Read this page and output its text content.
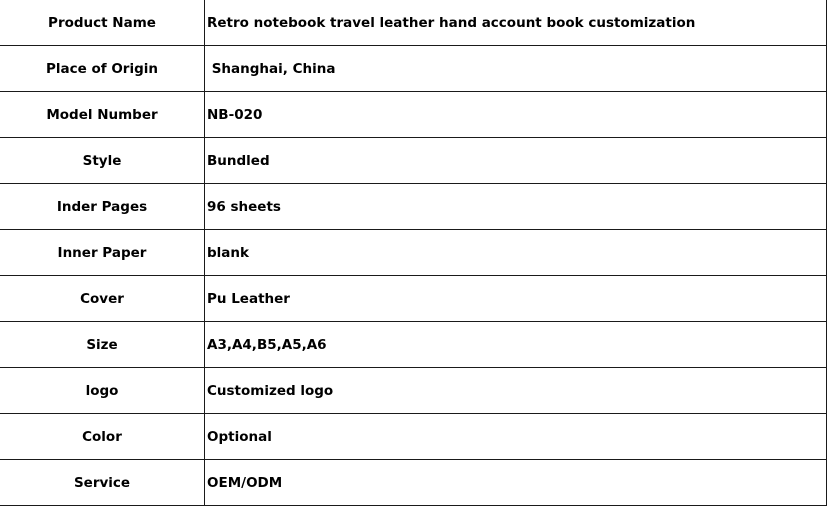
Product Name	Retro notebook travel leather hand account book customization
Place of Origin	Shanghai, China
Model Number	NB-020
Style	Bundled
Inder Pages	96 sheets
Inner Paper	blank
Cover	Pu Leather
Size	A3,A4,B5,A5,A6
logo	Customized logo
Color	Optional
Service	OEM/ODM
